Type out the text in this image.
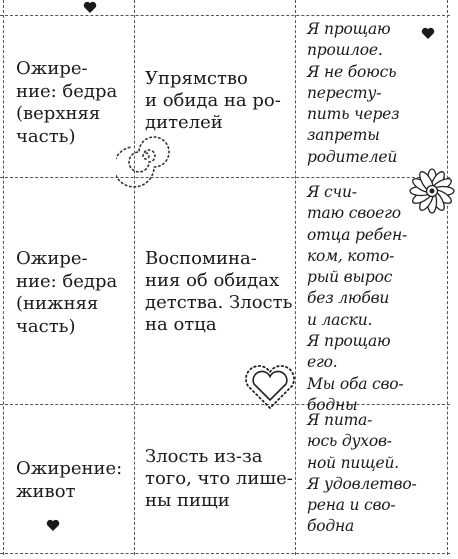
Ожире-
ние: бедра
(верхняя
часть)
Упрямство
и обида на ро-
дителей
Я прощаю
прошлое.
Я не боюсь
пересту-
пить через
запреты
родителей
Ожире-
ние: бедра
(нижняя
часть)
Воспомина-
ния об обидах
детства. Злость
на отца
Я счи-
таю своего
отца ребен-
ком, кото-
рый вырос
без любви
и ласки.
Я прощаю его.
Мы оба сво-
бодны
Ожирение:
живот
Злость из-за
того, что лише-
ны пищи
Я пита-
юсь духов-
ной пищей.
Я удовлетво-
рена и сво-
бодна
